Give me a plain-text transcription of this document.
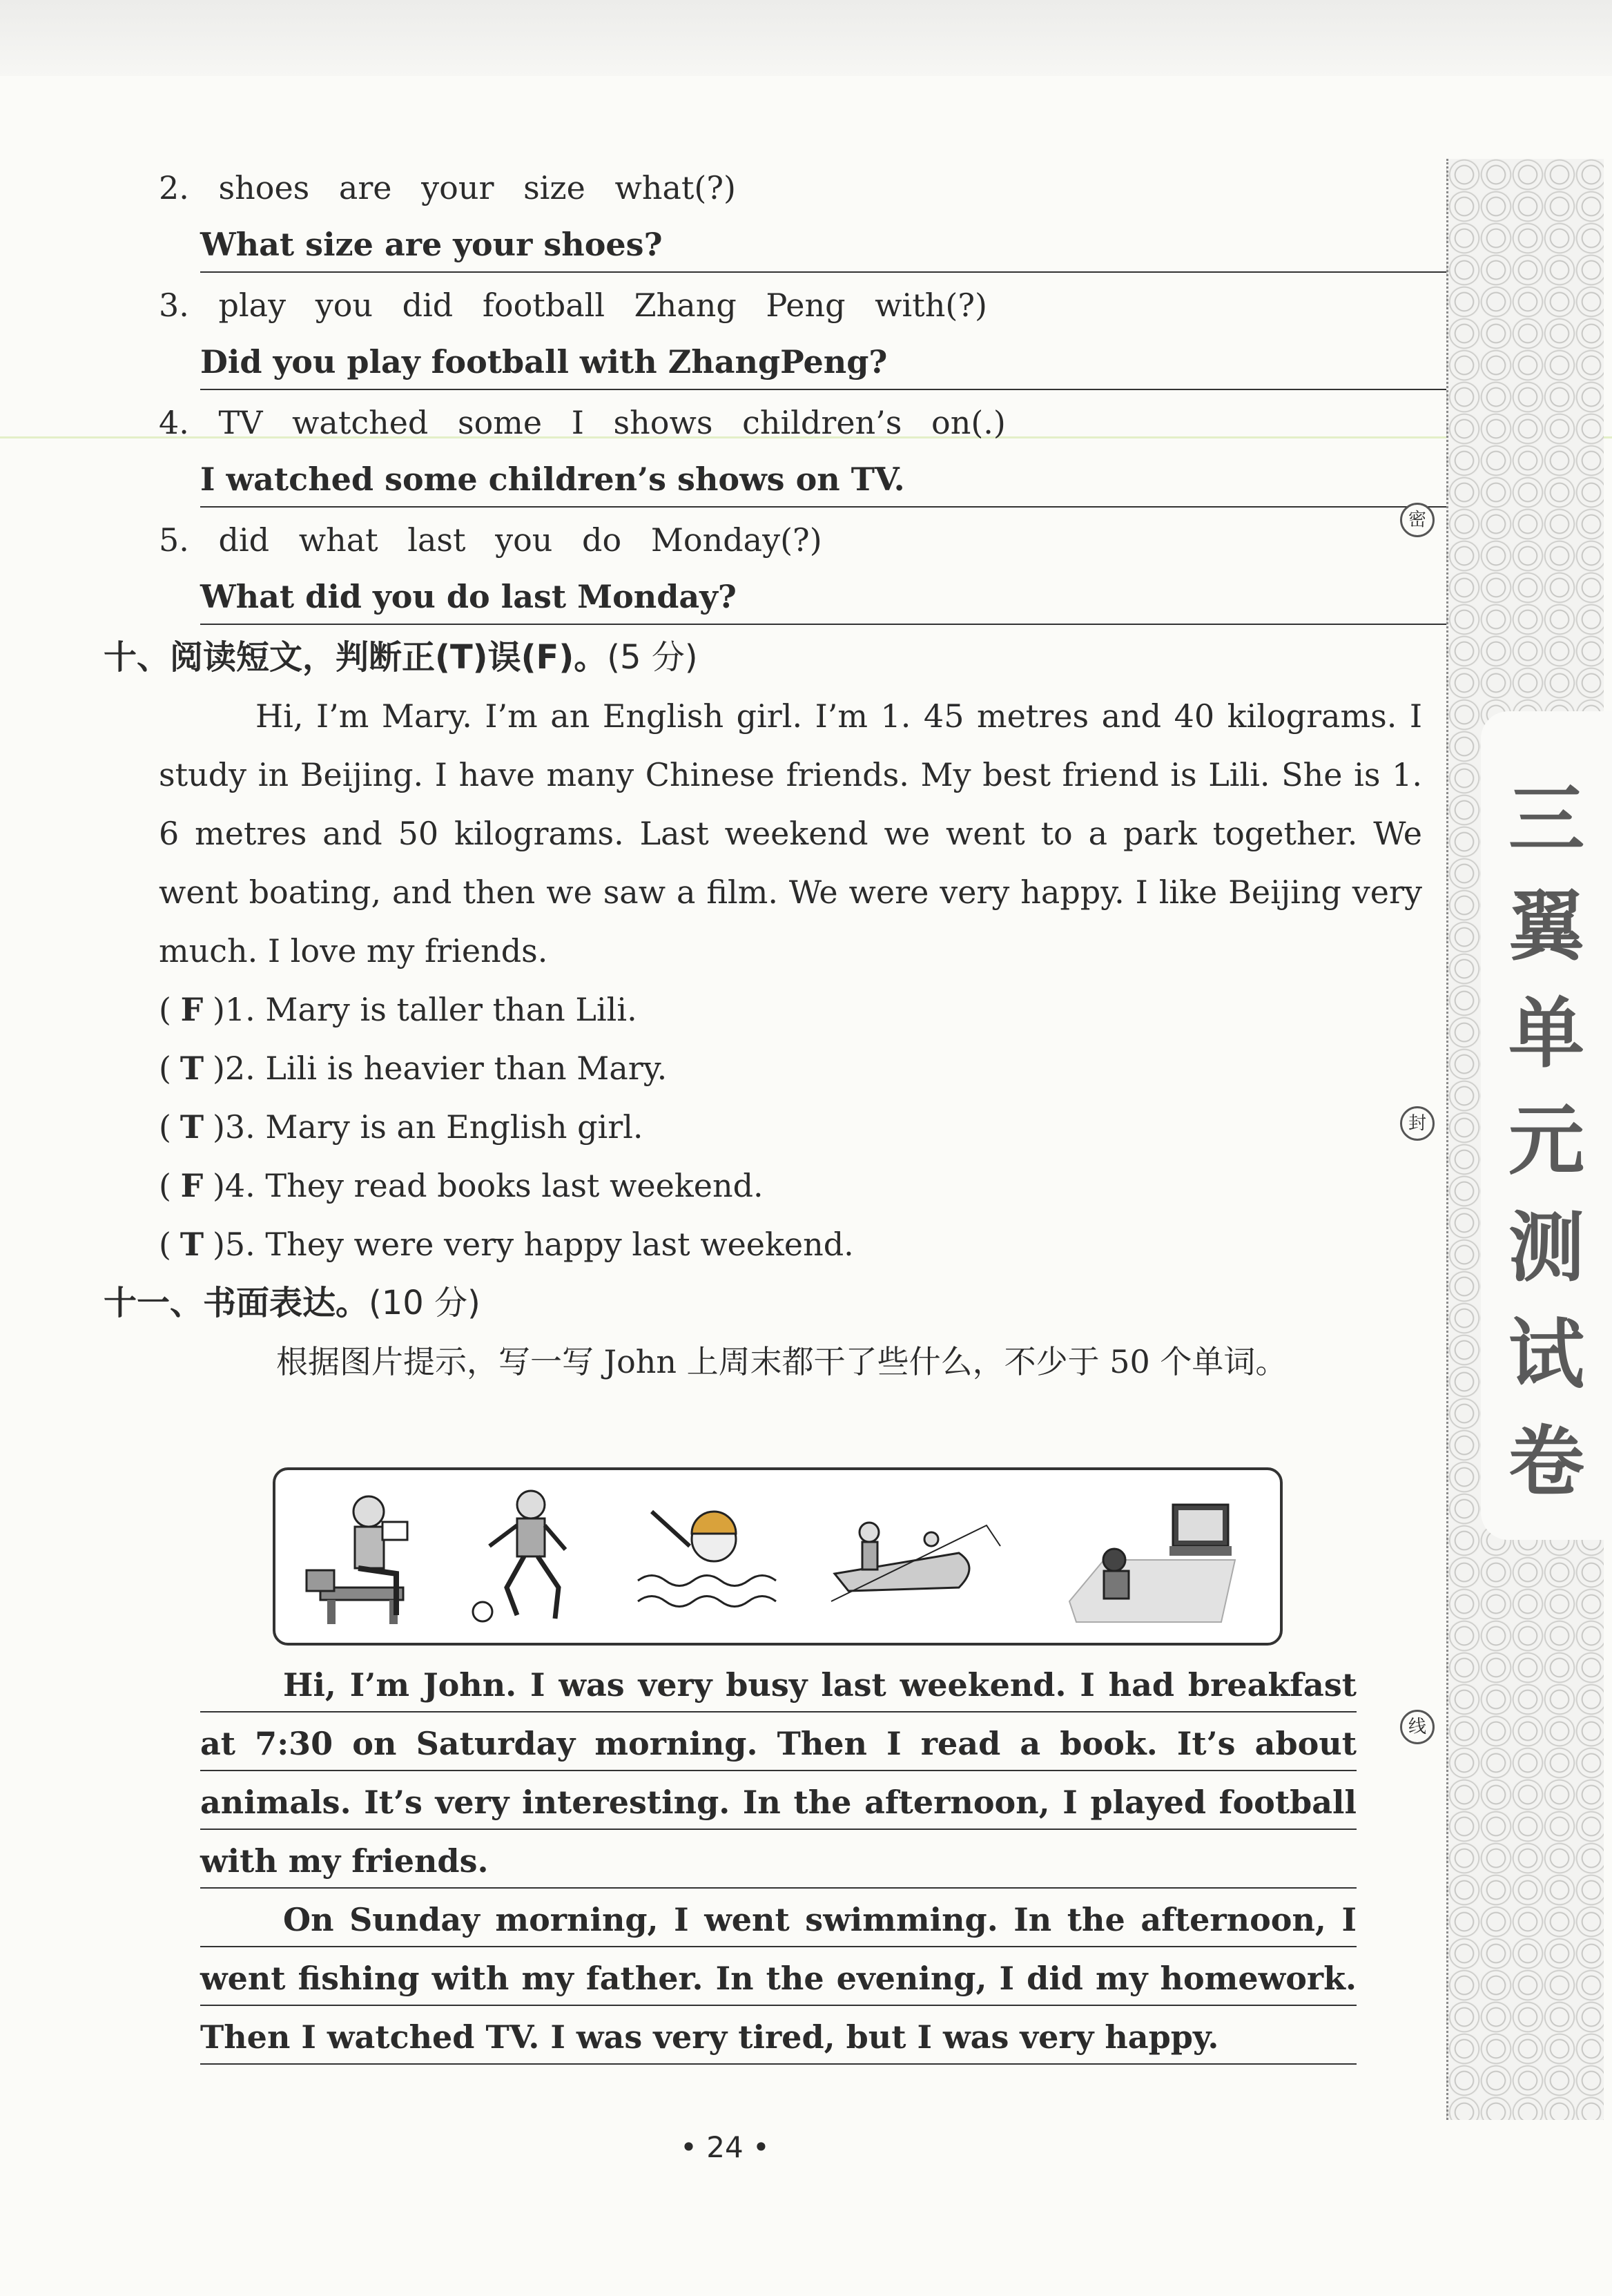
2. shoes are your size what(?)
What size are your shoes?
3. play you did football Zhang Peng with(?)
Did you play football with ZhangPeng?
4. TV watched some I shows children’s on(.)
I watched some children’s shows on TV.
5. did what last you do Monday(?)
What did you do last Monday?
十、阅读短文，判断正(T)误(F)。(5 分)

Hi, I’m Mary. I’m an English girl. I’m 1. 45 metres and 40 kilograms. I study in Beijing. I have many Chinese friends. My best friend is Lili. She is 1. 6 metres and 50 kilograms. Last weekend we went to a park together. We went boating, and then we saw a film. We were very happy. I like Beijing very much. I love my friends.

( F )1. Mary is taller than Lili.
( T )2. Lili is heavier than Mary.
( T )3. Mary is an English girl.
( F )4. They read books last weekend.
( T )5. They were very happy last weekend.
十一、书面表达。(10 分)

根据图片提示，写一写 John 上周末都干了些什么，不少于 50 个单词。

Hi, I’m John. I was very busy last weekend. I had breakfast at 7:30 on Saturday morning. Then I read a book. It’s about animals. It’s very interesting. In the afternoon, I played football with my friends.

On Sunday morning, I went swimming. In the afternoon, I went fishing with my father. In the evening, I did my homework. Then I watched TV. I was very tired, but I was very happy.

• 24 •
三翼单元测试卷
密
封
线
